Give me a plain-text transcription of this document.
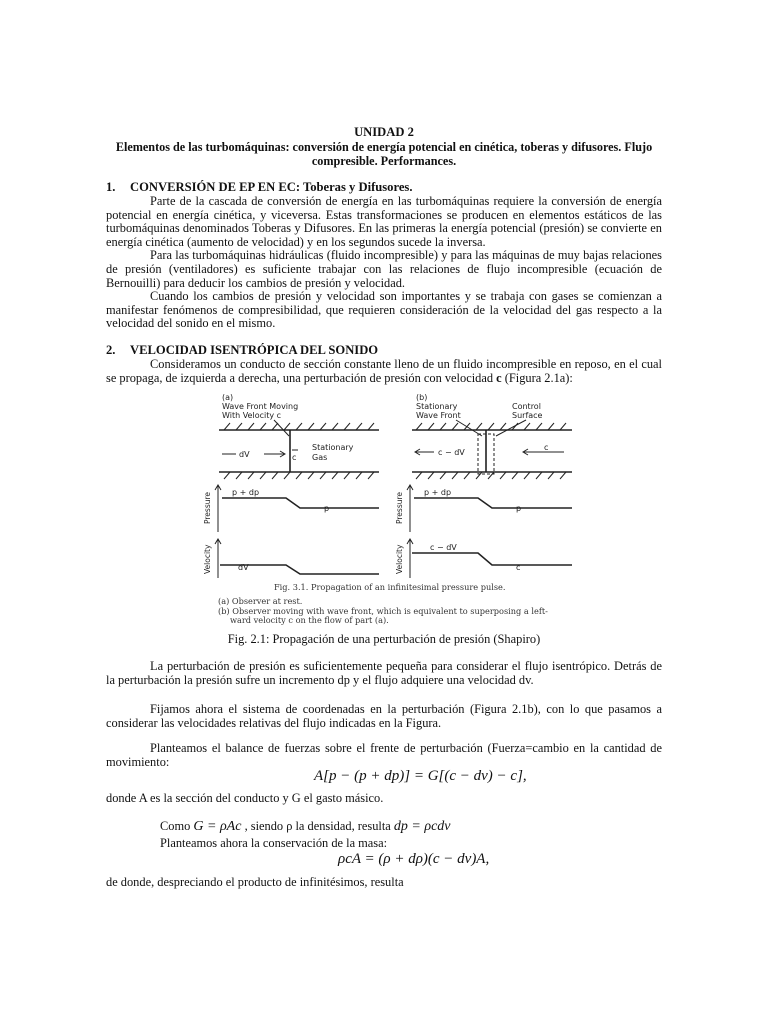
UNIDAD 2
Elementos de las turbomáquinas: conversión de energía potencial en cinética, toberas y difusores. Flujo compresible. Performances.
1. CONVERSIÓN DE EP EN EC: Toberas y Difusores.

Parte de la cascada de conversión de energía en las turbomáquinas requiere la conversión de energía potencial en energía cinética, y viceversa. Estas transformaciones se producen en elementos estáticos de las turbomáquinas denominados Toberas y Difusores. En las primeras la energía potencial (presión) se convierte en energía cinética (aumento de velocidad) y en los segundos sucede la inversa.

Para las turbomáquinas hidráulicas (fluido incompresible) y para las máquinas de muy bajas relaciones de presión (ventiladores) es suficiente trabajar con las relaciones de flujo incompresible (ecuación de Bernouilli) para deducir los cambios de presión y velocidad.

Cuando los cambios de presión y velocidad son importantes y se trabaja con gases se comienzan a manifestar fenómenos de compresibilidad, que requieren consideración de la velocidad del gas respecto a la velocidad del sonido en el mismo.

2. VELOCIDAD ISENTRÓPICA DEL SONIDO

Consideramos un conducto de sección constante lleno de un fluido incompresible en reposo, en el cual se propaga, de izquierda a derecha, una perturbación de presión con velocidad c (Figura 2.1a):

(a)
Wave Front Moving
With Velocity c
(b)
Stationary
Wave Front
Control
Surface
dV	c
Stationary
Gas
c − dV
c
p + dp
p
p + dp
p
dV
c − dV
c
Pressure	Pressure
Velocity	Velocity
Fig. 3.1. Propagation of an infinitesimal pressure pulse.
(a) Observer at rest.
(b) Observer moving with wave front, which is equivalent to superposing a left-
ward velocity c on the flow of part (a).
Fig. 2.1: Propagación de una perturbación de presión (Shapiro)

La perturbación de presión es suficientemente pequeña para considerar el flujo isentrópico. Detrás de la perturbación la presión sufre un incremento dp y el flujo adquiere una velocidad dv.

Fijamos ahora el sistema de coordenadas en la perturbación (Figura 2.1b), con lo que pasamos a considerar las velocidades relativas del flujo indicadas en la Figura.

Planteamos el balance de fuerzas sobre el frente de perturbación (Fuerza=cambio en la cantidad de movimiento:

A[p − (p + dp)] = G[(c − dv) − c],
donde A es la sección del conducto y G el gasto másico.
Como G = ρAc , siendo ρ la densidad, resulta dp = ρcdv
Planteamos ahora la conservación de la masa:
ρcA = (ρ + dρ)(c − dv)A,
de donde, despreciando el producto de infinitésimos, resulta
